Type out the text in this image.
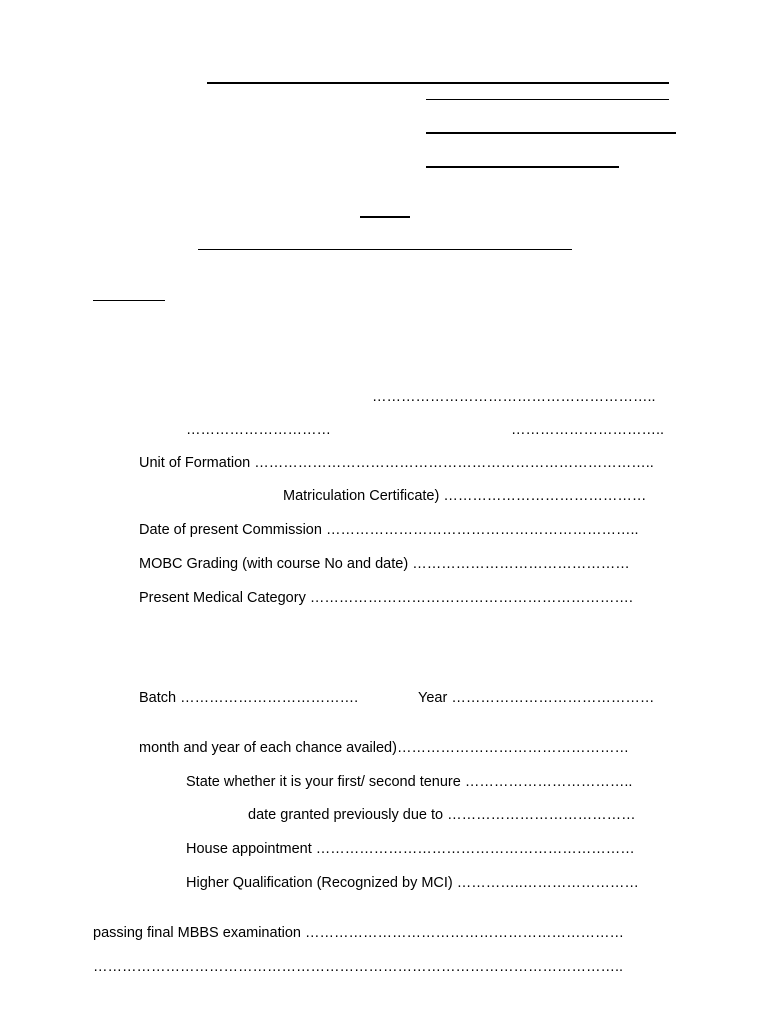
…………………………………………………..
…………………………	…………………………..
Unit of Formation ………………………………………………………………………..
Matriculation Certificate) ……………………………………
Date of present Commission ………………………………………………………..
MOBC Grading (with course No and date) ………………………………………
Present Medical Category ………………………………………………………….
Batch ……………………………….	Year ……………………………………
month and year of each chance availed)…………………………………………
State whether it is your first/ second tenure ……………………………..
date granted previously due to …………………………………
House appointment …………………………………………………………
Higher Qualification (Recognized by MCI) …………..……………………
passing final MBBS examination …………………………………………………………
………………………………………………………………………………………………..
